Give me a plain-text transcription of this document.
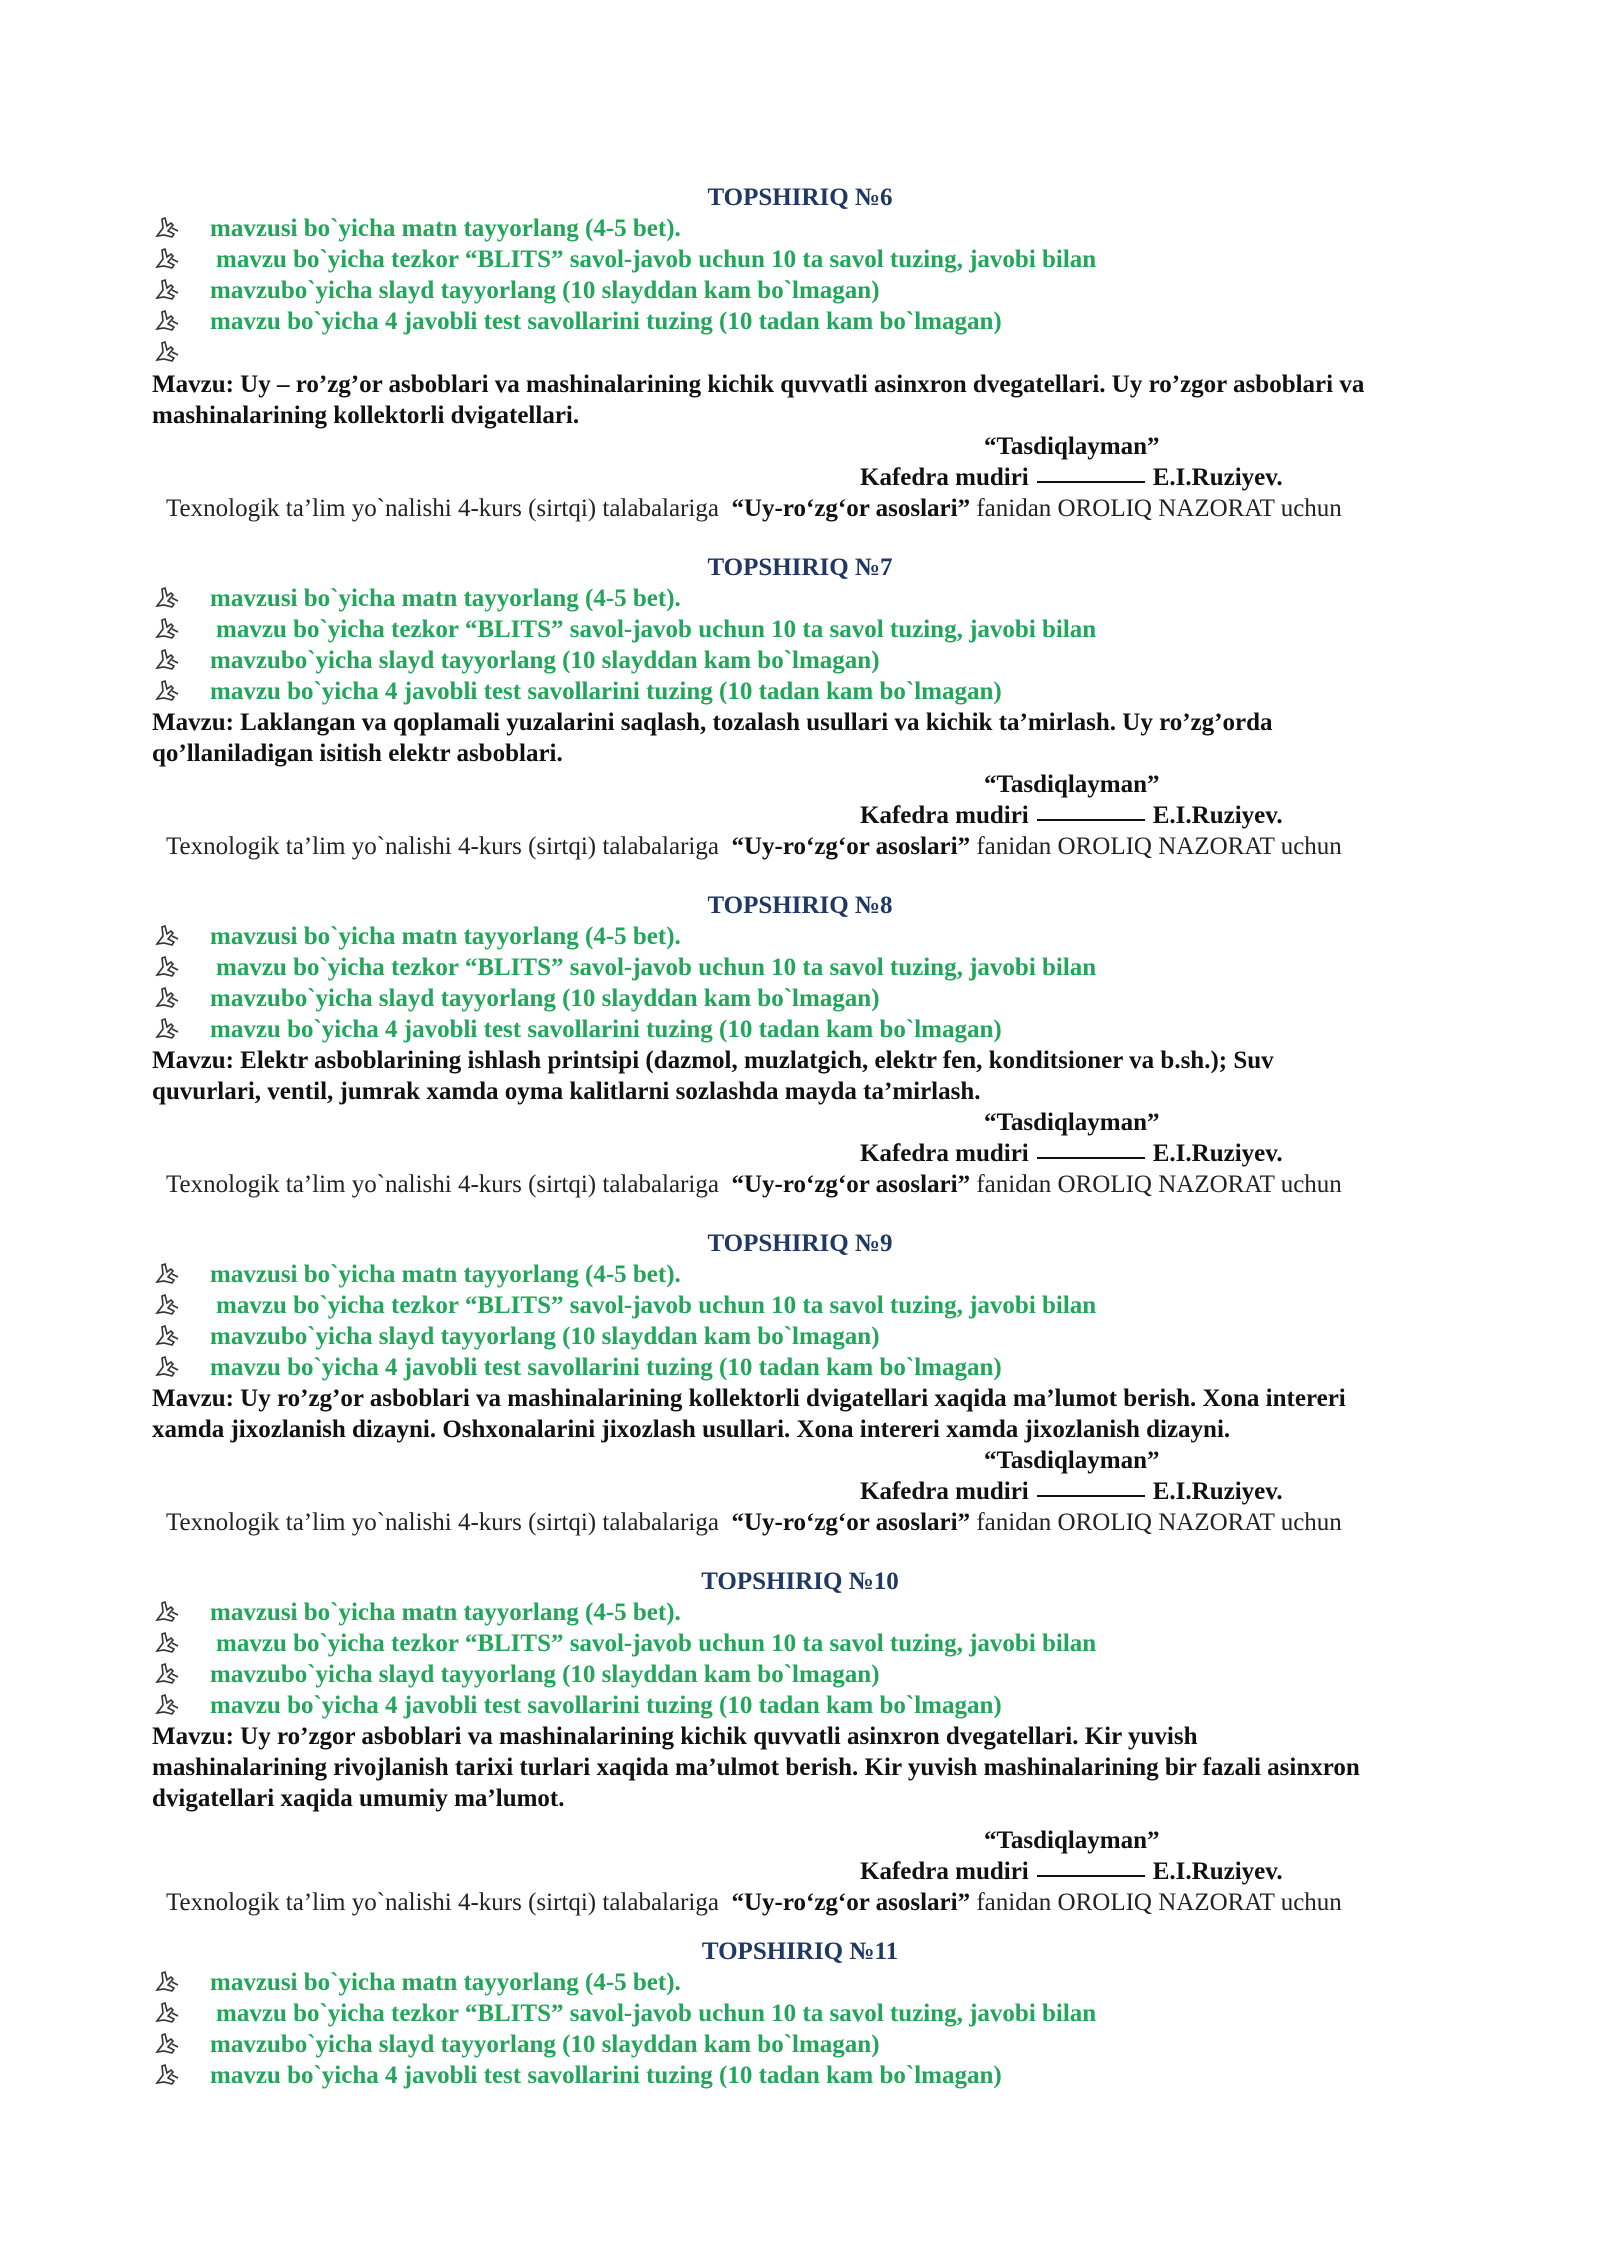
TOPSHIRIQ №6
mavzusi bo`yicha matn tayyorlang (4-5 bet).
mavzu bo`yicha tezkor “BLITS” savol-javob uchun 10 ta savol tuzing, javobi bilan
mavzubo`yicha slayd tayyorlang (10 slayddan kam bo`lmagan)
mavzu bo`yicha 4 javobli test savollarini tuzing (10 tadan kam bo`lmagan)
Mavzu: Uy – ro’zg’or asboblari va mashinalarining kichik quvvatli asinxron dvegatellari. Uy ro’zgor asboblari va
mashinalarining kollektorli dvigatellari.
“Tasdiqlayman”
Kafedra mudiri	E.I.Ruziyev.
Texnologik ta’lim yo`nalishi 4-kurs (sirtqi) talabalariga “Uy-ro‘zg‘or asoslari” fanidan OROLIQ NAZORAT uchun
TOPSHIRIQ №7
mavzusi bo`yicha matn tayyorlang (4-5 bet).
mavzu bo`yicha tezkor “BLITS” savol-javob uchun 10 ta savol tuzing, javobi bilan
mavzubo`yicha slayd tayyorlang (10 slayddan kam bo`lmagan)
mavzu bo`yicha 4 javobli test savollarini tuzing (10 tadan kam bo`lmagan)
Mavzu: Laklangan va qoplamali yuzalarini saqlash, tozalash usullari va kichik ta’mirlash. Uy ro’zg’orda
qo’llaniladigan isitish elektr asboblari.
“Tasdiqlayman”
Kafedra mudiri	E.I.Ruziyev.
Texnologik ta’lim yo`nalishi 4-kurs (sirtqi) talabalariga “Uy-ro‘zg‘or asoslari” fanidan OROLIQ NAZORAT uchun
TOPSHIRIQ №8
mavzusi bo`yicha matn tayyorlang (4-5 bet).
mavzu bo`yicha tezkor “BLITS” savol-javob uchun 10 ta savol tuzing, javobi bilan
mavzubo`yicha slayd tayyorlang (10 slayddan kam bo`lmagan)
mavzu bo`yicha 4 javobli test savollarini tuzing (10 tadan kam bo`lmagan)
Mavzu: Elektr asboblarining ishlash printsipi (dazmol, muzlatgich, elektr fen, konditsioner va b.sh.); Suv
quvurlari, ventil, jumrak xamda oyma kalitlarni sozlashda mayda ta’mirlash.
“Tasdiqlayman”
Kafedra mudiri	E.I.Ruziyev.
Texnologik ta’lim yo`nalishi 4-kurs (sirtqi) talabalariga “Uy-ro‘zg‘or asoslari” fanidan OROLIQ NAZORAT uchun
TOPSHIRIQ №9
mavzusi bo`yicha matn tayyorlang (4-5 bet).
mavzu bo`yicha tezkor “BLITS” savol-javob uchun 10 ta savol tuzing, javobi bilan
mavzubo`yicha slayd tayyorlang (10 slayddan kam bo`lmagan)
mavzu bo`yicha 4 javobli test savollarini tuzing (10 tadan kam bo`lmagan)
Mavzu: Uy ro’zg’or asboblari va mashinalarining kollektorli dvigatellari xaqida ma’lumot berish. Xona intereri
xamda jixozlanish dizayni. Oshxonalarini jixozlash usullari. Xona intereri xamda jixozlanish dizayni.
“Tasdiqlayman”
Kafedra mudiri	E.I.Ruziyev.
Texnologik ta’lim yo`nalishi 4-kurs (sirtqi) talabalariga “Uy-ro‘zg‘or asoslari” fanidan OROLIQ NAZORAT uchun
TOPSHIRIQ №10
mavzusi bo`yicha matn tayyorlang (4-5 bet).
mavzu bo`yicha tezkor “BLITS” savol-javob uchun 10 ta savol tuzing, javobi bilan
mavzubo`yicha slayd tayyorlang (10 slayddan kam bo`lmagan)
mavzu bo`yicha 4 javobli test savollarini tuzing (10 tadan kam bo`lmagan)
Mavzu: Uy ro’zgor asboblari va mashinalarining kichik quvvatli asinxron dvegatellari. Kir yuvish
mashinalarining rivojlanish tarixi turlari xaqida ma’ulmot berish. Kir yuvish mashinalarining bir fazali asinxron
dvigatellari xaqida umumiy ma’lumot.
“Tasdiqlayman”
Kafedra mudiri	E.I.Ruziyev.
Texnologik ta’lim yo`nalishi 4-kurs (sirtqi) talabalariga “Uy-ro‘zg‘or asoslari” fanidan OROLIQ NAZORAT uchun
TOPSHIRIQ №11
mavzusi bo`yicha matn tayyorlang (4-5 bet).
mavzu bo`yicha tezkor “BLITS” savol-javob uchun 10 ta savol tuzing, javobi bilan
mavzubo`yicha slayd tayyorlang (10 slayddan kam bo`lmagan)
mavzu bo`yicha 4 javobli test savollarini tuzing (10 tadan kam bo`lmagan)
